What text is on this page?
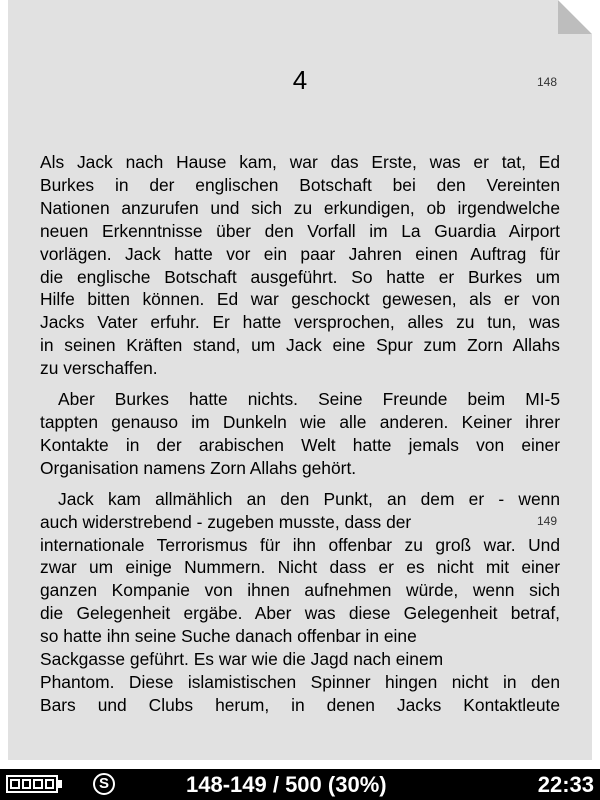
4	148
149
Als Jack nach Hause kam, war das Erste, was er tat, Ed
Burkes in der englischen Botschaft bei den Vereinten
Nationen anzurufen und sich zu erkundigen, ob irgendwelche
neuen Erkenntnisse über den Vorfall im La Guardia Airport
vorlägen. Jack hatte vor ein paar Jahren einen Auftrag für
die englische Botschaft ausgeführt. So hatte er Burkes um
Hilfe bitten können. Ed war geschockt gewesen, als er von
Jacks Vater erfuhr. Er hatte versprochen, alles zu tun, was
in seinen Kräften stand, um Jack eine Spur zum Zorn Allahs
zu verschaffen.
Aber Burkes hatte nichts. Seine Freunde beim MI-5
tappten genauso im Dunkeln wie alle anderen. Keiner ihrer
Kontakte in der arabischen Welt hatte jemals von einer
Organisation namens Zorn Allahs gehört.
Jack kam allmählich an den Punkt, an dem er - wenn
auch widerstrebend - zugeben musste, dass der
internationale Terrorismus für ihn offenbar zu groß war. Und
zwar um einige Nummern. Nicht dass er es nicht mit einer
ganzen Kompanie von ihnen aufnehmen würde, wenn sich
die Gelegenheit ergäbe. Aber was diese Gelegenheit betraf,
so hatte ihn seine Suche danach offenbar in eine
Sackgasse geführt. Es war wie die Jagd nach einem
Phantom. Diese islamistischen Spinner hingen nicht in den
Bars und Clubs herum, in denen Jacks Kontaktleute
S	148-149 / 500 (30%)	22:33
